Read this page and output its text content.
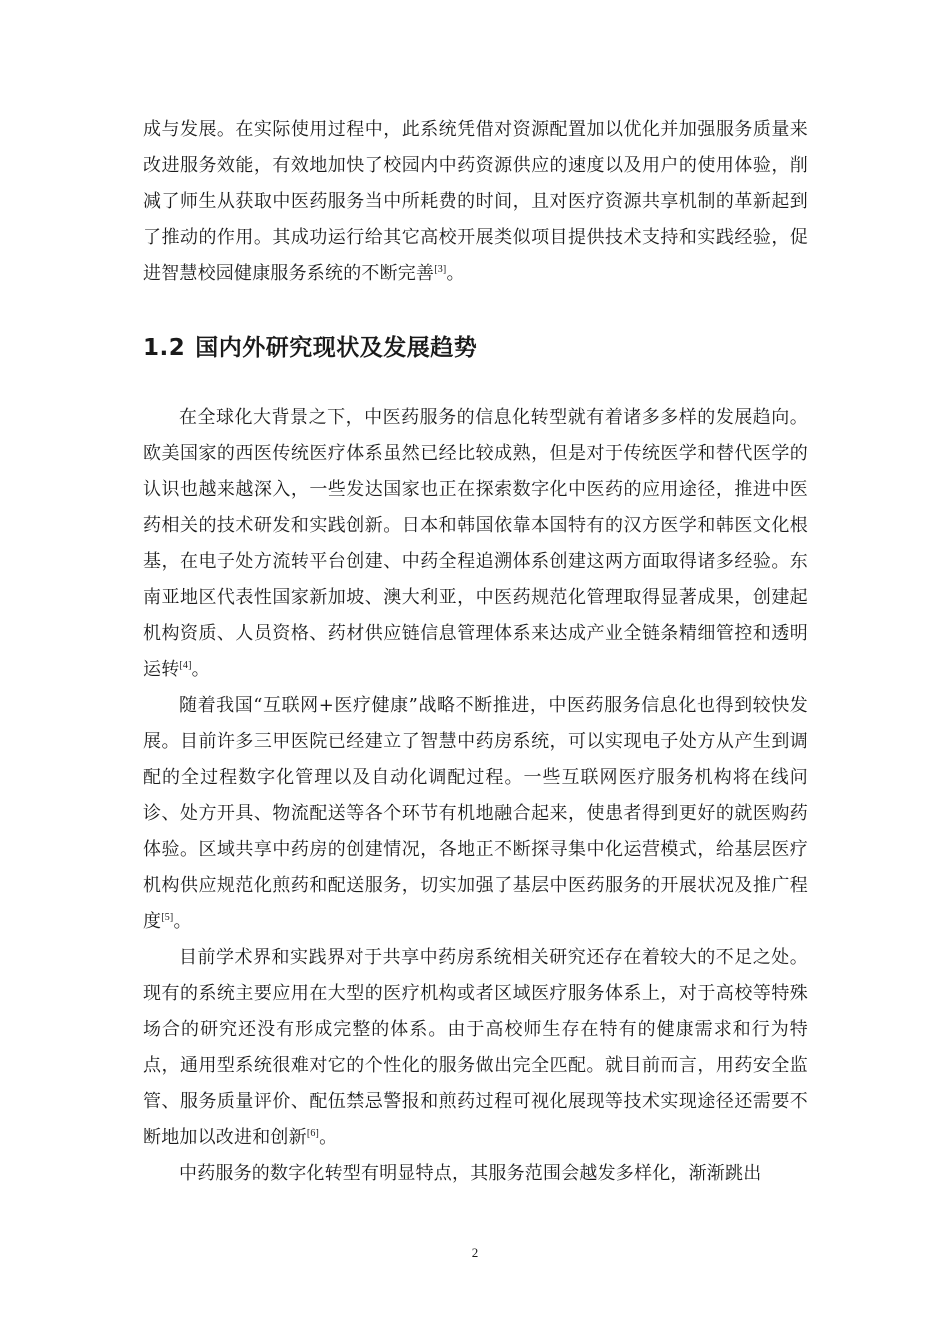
成与发展。在实际使用过程中，此系统凭借对资源配置加以优化并加强服务质量来改进服务效能，有效地加快了校园内中药资源供应的速度以及用户的使用体验，削减了师生从获取中医药服务当中所耗费的时间，且对医疗资源共享机制的革新起到了推动的作用。其成功运行给其它高校开展类似项目提供技术支持和实践经验，促进智慧校园健康服务系统的不断完善[3]。

1.2 国内外研究现状及发展趋势

在全球化大背景之下，中医药服务的信息化转型就有着诸多多样的发展趋向。欧美国家的西医传统医疗体系虽然已经比较成熟，但是对于传统医学和替代医学的认识也越来越深入，一些发达国家也正在探索数字化中医药的应用途径，推进中医药相关的技术研发和实践创新。日本和韩国依靠本国特有的汉方医学和韩医文化根基，在电子处方流转平台创建、中药全程追溯体系创建这两方面取得诸多经验。东南亚地区代表性国家新加坡、澳大利亚，中医药规范化管理取得显著成果，创建起机构资质、人员资格、药材供应链信息管理体系来达成产业全链条精细管控和透明运转[4]。

随着我国“互联网+医疗健康”战略不断推进，中医药服务信息化也得到较快发展。目前许多三甲医院已经建立了智慧中药房系统，可以实现电子处方从产生到调配的全过程数字化管理以及自动化调配过程。一些互联网医疗服务机构将在线问诊、处方开具、物流配送等各个环节有机地融合起来，使患者得到更好的就医购药体验。区域共享中药房的创建情况，各地正不断探寻集中化运营模式，给基层医疗机构供应规范化煎药和配送服务，切实加强了基层中医药服务的开展状况及推广程度[5]。

目前学术界和实践界对于共享中药房系统相关研究还存在着较大的不足之处。现有的系统主要应用在大型的医疗机构或者区域医疗服务体系上，对于高校等特殊场合的研究还没有形成完整的体系。由于高校师生存在特有的健康需求和行为特点，通用型系统很难对它的个性化的服务做出完全匹配。就目前而言，用药安全监管、服务质量评价、配伍禁忌警报和煎药过程可视化展现等技术实现途径还需要不断地加以改进和创新[6]。

中药服务的数字化转型有明显特点，其服务范围会越发多样化，渐渐跳出

2
